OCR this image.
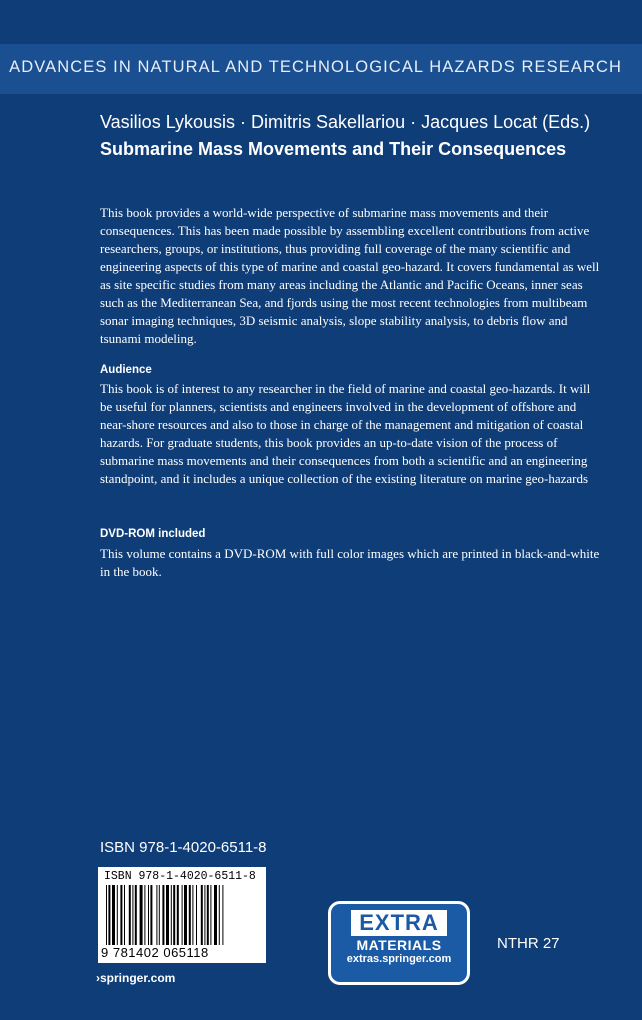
ADVANCES IN NATURAL AND TECHNOLOGICAL HAZARDS RESEARCH
Vasilios Lykousis · Dimitris Sakellariou · Jacques Locat (Eds.)
Submarine Mass Movements and Their Consequences

This book provides a world-wide perspective of submarine mass movements and their consequences. This has been made possible by assembling excellent contributions from active researchers, groups, or institutions, thus providing full coverage of the many scientific and engineering aspects of this type of marine and coastal geo-hazard. It covers fundamental as well as site specific studies from many areas including the Atlantic and Pacific Oceans, inner seas such as the Mediterranean Sea, and fjords using the most recent technologies from multibeam sonar imaging techniques, 3D seismic analysis, slope stability analysis, to debris flow and tsunami modeling.

Audience

This book is of interest to any researcher in the field of marine and coastal geo-hazards. It will be useful for planners, scientists and engineers involved in the development of offshore and near-shore resources and also to those in charge of the management and mitigation of coastal hazards. For graduate students, this book provides an up-to-date vision of the process of submarine mass movements and their consequences from both a scientific and an engineering standpoint, and it includes a unique collection of the existing literature on marine geo-hazards

DVD-ROM included

This volume contains a DVD-ROM with full color images which are printed in black-and-white in the book.

ISBN 978-1-4020-6511-8
ISBN 978-1-4020-6511-8
9 781402 065118
›springer.com
EXTRA
MATERIALS
extras.springer.com
NTHR 27
